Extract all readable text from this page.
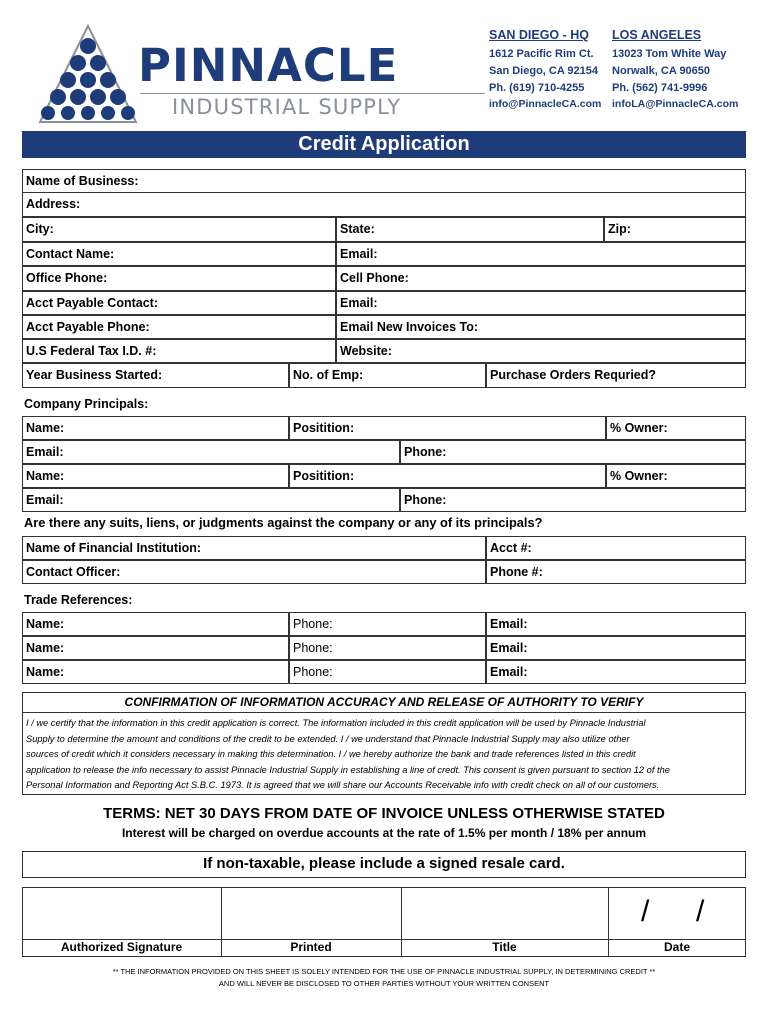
PINNACLE
INDUSTRIAL SUPPLY
SAN DIEGO - HQ
1612 Pacific Rim Ct.
San Diego, CA 92154
Ph. (619) 710-4255
info@PinnacleCA.com
LOS ANGELES
13023 Tom White Way
Norwalk, CA 90650
Ph. (562) 741-9996
infoLA@PinnacleCA.com
Credit Application
Name of Business:
Address:
City:	State:	Zip:
Contact Name:	Email:
Office Phone:	Cell Phone:
Acct Payable Contact:	Email:
Acct Payable Phone:	Email New Invoices To:
U.S Federal Tax I.D. #:	Website:
Year Business Started:	No. of Emp:	Purchase Orders Requried?
Company Principals:
Name:	Positition:	% Owner:
Email:	Phone:
Name:	Positition:	% Owner:
Email:	Phone:
Are there any suits, liens, or judgments against the company or any of its principals?
Name of Financial Institution:	Acct #:
Contact Officer:	Phone #:
Trade References:
Name:	Phone:	Email:
Name:	Phone:	Email:
Name:	Phone:	Email:
CONFIRMATION OF INFORMATION ACCURACY AND RELEASE OF AUTHORITY TO VERIFY
I / we certify that the information in this credit application is correct. The information included in this credit application will be used by Pinnacle Industrial
Supply to determine the amount and conditions of the credit to be extended. I / we understand that Pinnacle Industrial Supply may also utilize other
sources of credit which it considers necessary in making this determination. I / we hereby authorize the bank and trade references listed in this credit
application to release the info necessary to assist Pinnacle Industrial Supply in establishing a line of credt. This consent is given pursuant to section 12 of the
Personal Information and Reporting Act S.B.C. 1973. It is agreed that we will share our Accounts Receivable info with credit check on all of our customers.
TERMS: NET 30 DAYS FROM DATE OF INVOICE UNLESS OTHERWISE STATED
Interest will be charged on overdue accounts at the rate of 1.5% per month / 18% per annum
If non-taxable, please include a signed resale card.
/ /
Authorized Signature	Printed	Title	Date
** THE INFORMATION PROVIDED ON THIS SHEET IS SOLELY INTENDED FOR THE USE OF PINNACLE INDUSTRIAL SUPPLY, IN DETERMINING CREDIT **
AND WILL NEVER BE DISCLOSED TO OTHER PARTIES WITHOUT YOUR WRITTEN CONSENT
